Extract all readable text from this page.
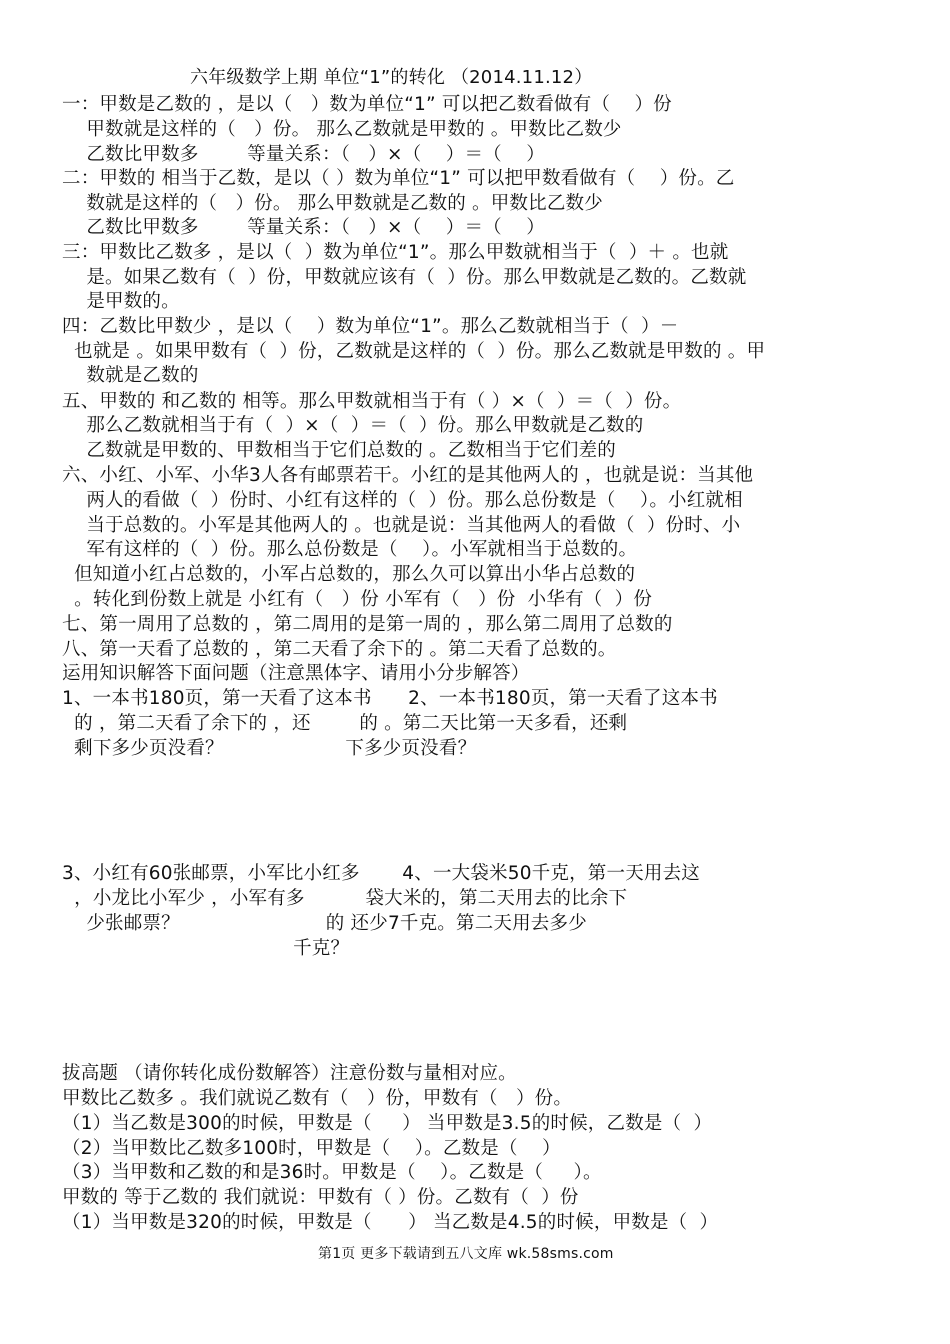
六年级数学上期 单位“1”的转化 （2014.11.12）
一：甲数是乙数的 ，是以（   ）数为单位“1” 可以把乙数看做有（    ）份
甲数就是这样的（   ）份。 那么乙数就是甲数的 。甲数比乙数少
乙数比甲数多        等量关系：（   ）×（    ）＝（    ）
二：甲数的 相当于乙数，是以（ ）数为单位“1” 可以把甲数看做有（    ）份。乙
数就是这样的（   ）份。 那么甲数就是乙数的 。甲数比乙数少
乙数比甲数多        等量关系：（   ）×（    ）＝（    ）
三：甲数比乙数多 ，是以（  ）数为单位“1”。那么甲数就相当于（  ）＋ 。也就
是。如果乙数有（  ）份，甲数就应该有（  ）份。那么甲数就是乙数的。乙数就
是甲数的。
四：乙数比甲数少 ，是以（    ）数为单位“1”。那么乙数就相当于（  ）－
也就是 。如果甲数有（  ）份，乙数就是这样的（  ）份。那么乙数就是甲数的 。甲
数就是乙数的
五、甲数的 和乙数的 相等。那么甲数就相当于有（ ）×（  ）＝（  ）份。
那么乙数就相当于有（  ）×（  ）＝（  ）份。那么甲数就是乙数的
乙数就是甲数的、甲数相当于它们总数的 。乙数相当于它们差的
六、小红、小军、小华3人各有邮票若干。小红的是其他两人的 ，也就是说：当其他
两人的看做（  ）份时、小红有这样的（  ）份。那么总份数是（    ）。小红就相
当于总数的。小军是其他两人的 。也就是说：当其他两人的看做（  ）份时、小
军有这样的（  ）份。那么总份数是（    ）。小军就相当于总数的。
但知道小红占总数的，小军占总数的，那么久可以算出小华占总数的
。转化到份数上就是 小红有（   ）份 小军有（   ）份  小华有（  ）份
七、第一周用了总数的 ，第二周用的是第一周的 ，那么第二周用了总数的
八、第一天看了总数的 ，第二天看了余下的 。第二天看了总数的。
运用知识解答下面问题（注意黑体字、请用小分步解答）
1、一本书180页，第一天看了这本书      2、一本书180页，第一天看了这本书
的 ，第二天看了余下的 ，还        的 。第二天比第一天多看，还剩
剩下多少页没看？                    下多少页没看？
3、小红有60张邮票，小军比小红多       4、一大袋米50千克，第一天用去这
，小龙比小军少 ，小军有多          袋大米的，第二天用去的比余下
少张邮票？                        的 还少7千克。第二天用去多少
千克？
拔高题 （请你转化成份数解答）注意份数与量相对应。
甲数比乙数多 。我们就说乙数有（   ）份，甲数有（   ）份。
（1）当乙数是300的时候，甲数是（     ） 当甲数是3.5的时候，乙数是（  ）
（2）当甲数比乙数多100时，甲数是（    ）。乙数是（    ）
（3）当甲数和乙数的和是36时。甲数是（    ）。乙数是（     ）。
甲数的 等于乙数的 我们就说：甲数有（ ）份。乙数有（  ）份
（1）当甲数是320的时候，甲数是（      ） 当乙数是4.5的时候，甲数是（  ）
第1页 更多下载请到五八文库 wk.58sms.com
